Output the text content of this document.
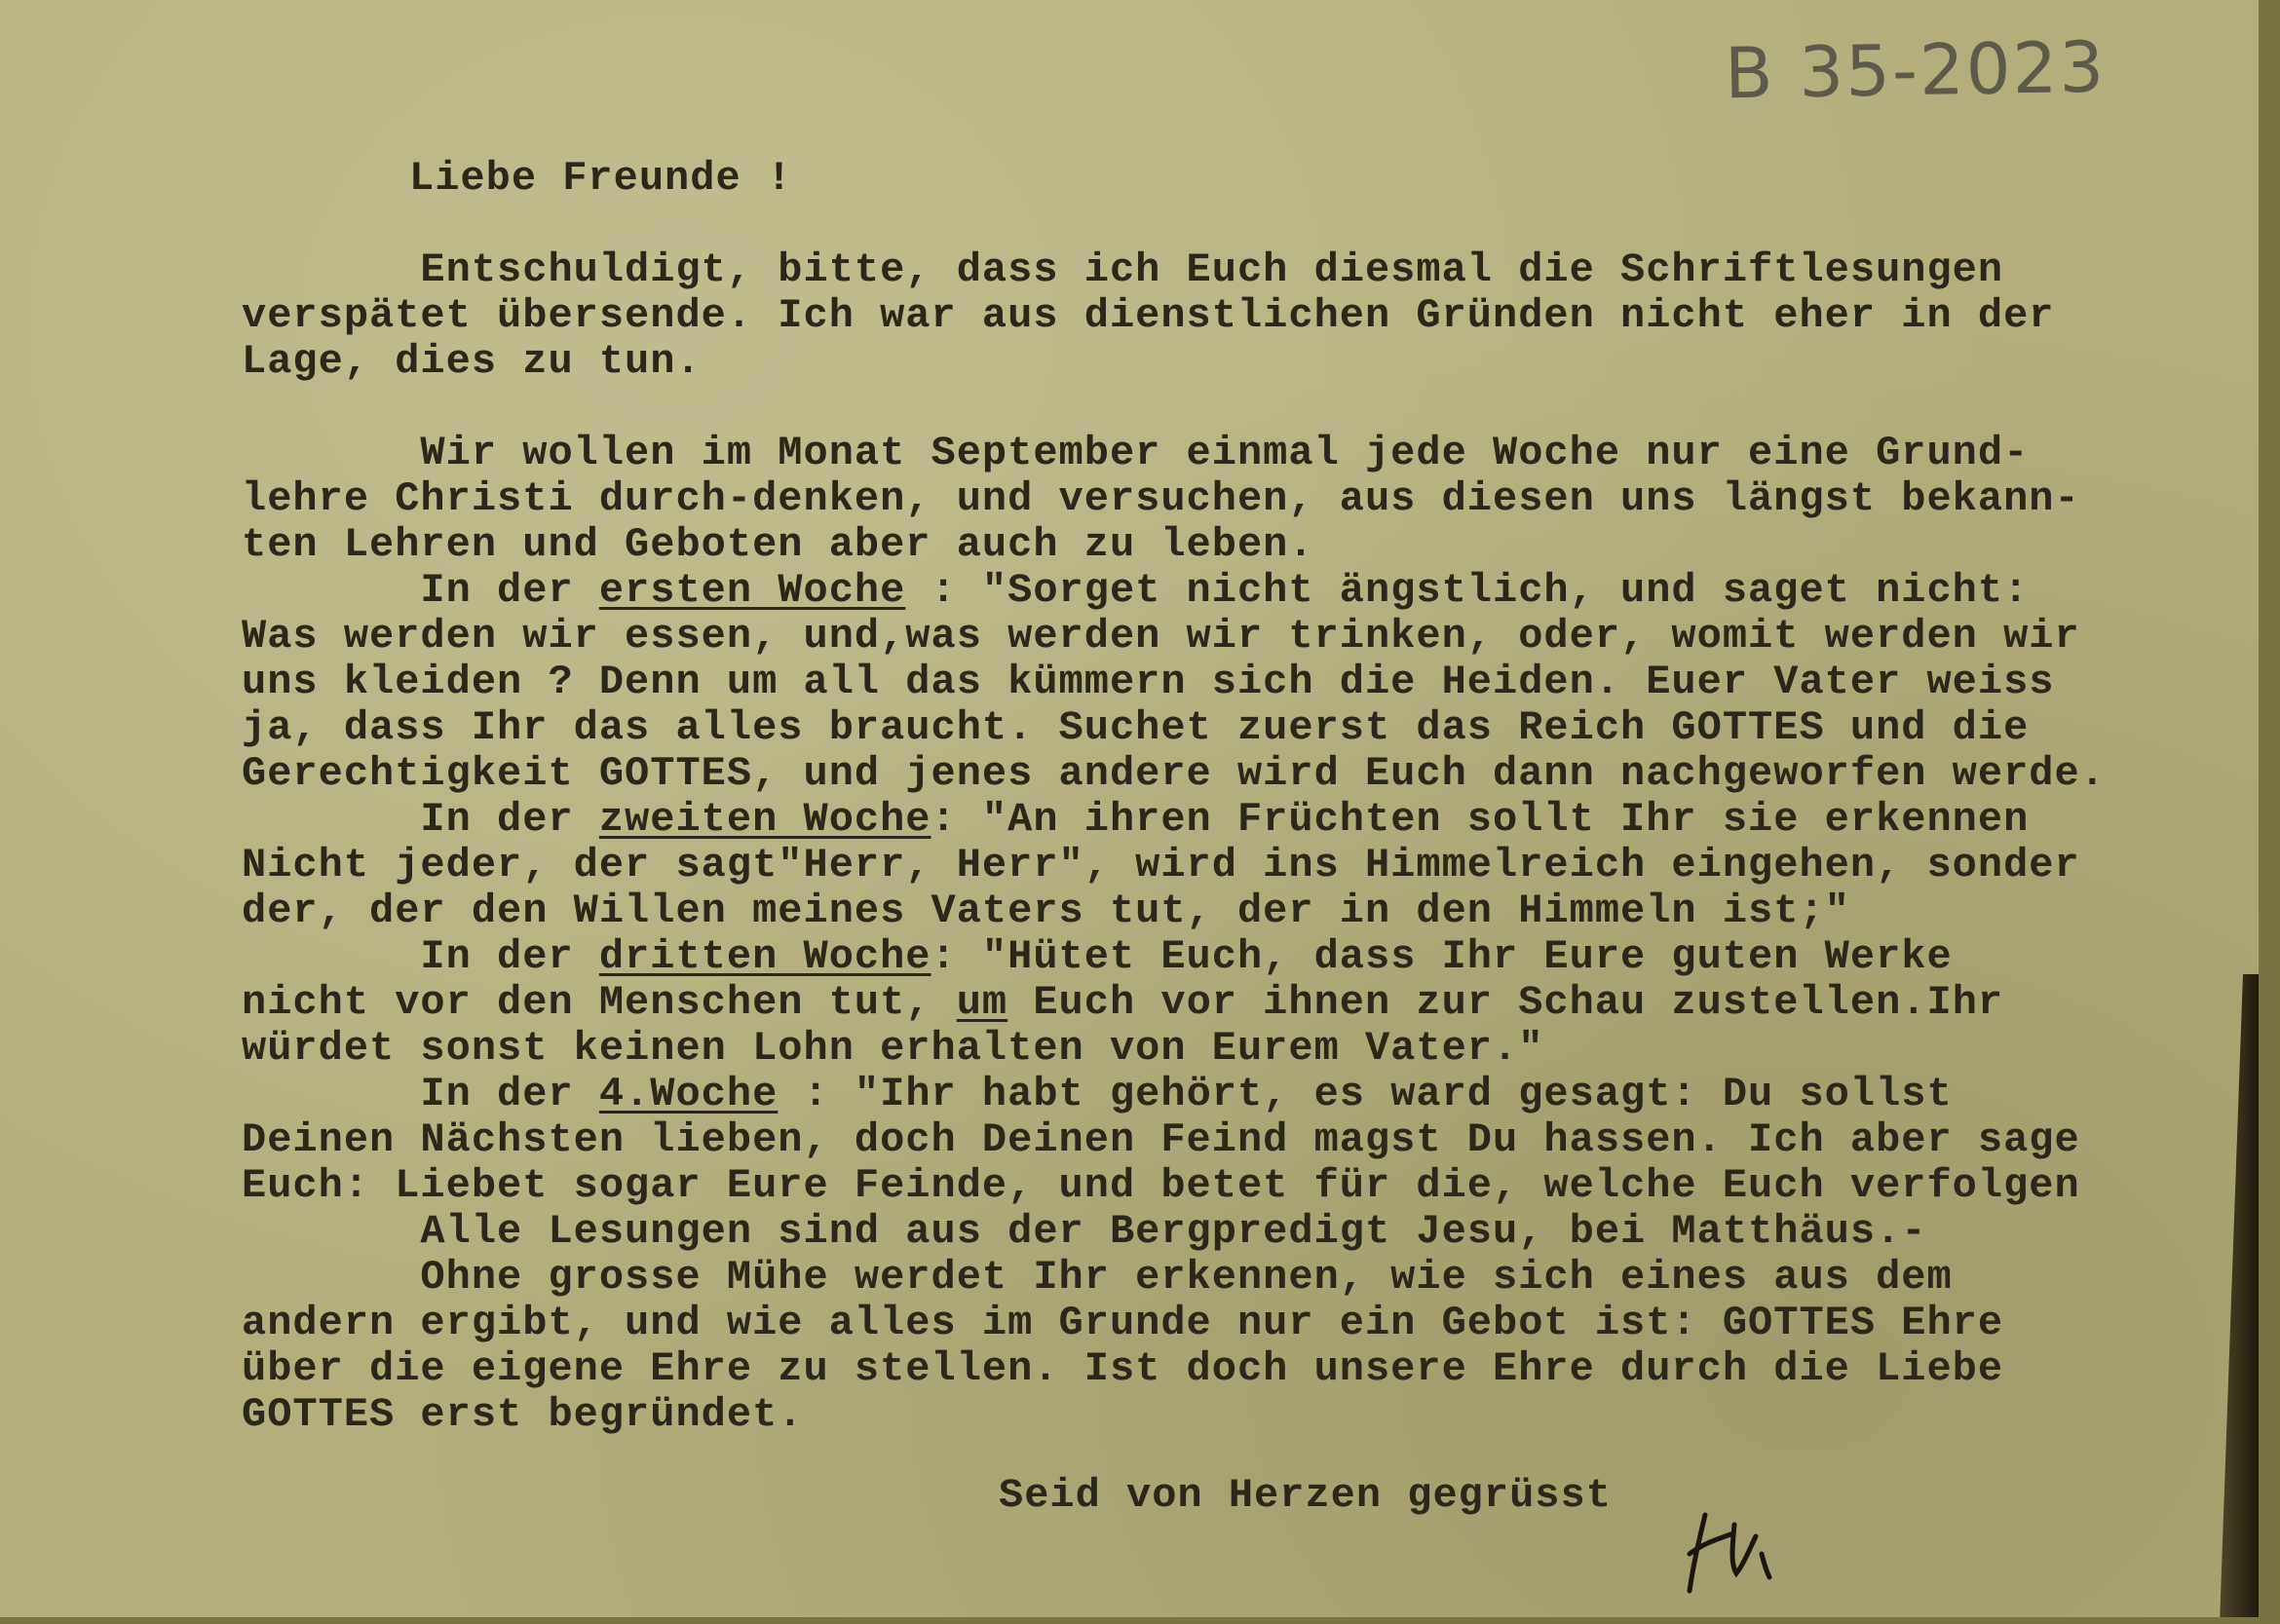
B 35-2023
Liebe Freunde !
Entschuldigt, bitte, dass ich Euch diesmal die Schriftlesungen
verspätet übersende. Ich war aus dienstlichen Gründen nicht eher in der
Lage, dies zu tun.
Wir wollen im Monat September einmal jede Woche nur eine Grund-
lehre Christi durch-denken, und versuchen, aus diesen uns längst bekann-
ten Lehren und Geboten aber auch zu leben.
In der ersten Woche : "Sorget nicht ängstlich, und saget nicht:
Was werden wir essen, und,was werden wir trinken, oder, womit werden wir
uns kleiden ? Denn um all das kümmern sich die Heiden. Euer Vater weiss
ja, dass Ihr das alles braucht. Suchet zuerst das Reich GOTTES und die
Gerechtigkeit GOTTES, und jenes andere wird Euch dann nachgeworfen werde.
In der zweiten Woche: "An ihren Früchten sollt Ihr sie erkennen
Nicht jeder, der sagt"Herr, Herr", wird ins Himmelreich eingehen, sonder
der, der den Willen meines Vaters tut, der in den Himmeln ist;"
In der dritten Woche: "Hütet Euch, dass Ihr Eure guten Werke
nicht vor den Menschen tut, um Euch vor ihnen zur Schau zustellen.Ihr
würdet sonst keinen Lohn erhalten von Eurem Vater."
In der 4.Woche : "Ihr habt gehört, es ward gesagt: Du sollst
Deinen Nächsten lieben, doch Deinen Feind magst Du hassen. Ich aber sage
Euch: Liebet sogar Eure Feinde, und betet für die, welche Euch verfolgen
Alle Lesungen sind aus der Bergpredigt Jesu, bei Matthäus.-
Ohne grosse Mühe werdet Ihr erkennen, wie sich eines aus dem
andern ergibt, und wie alles im Grunde nur ein Gebot ist: GOTTES Ehre
über die eigene Ehre zu stellen. Ist doch unsere Ehre durch die Liebe
GOTTES erst begründet.
Seid von Herzen gegrüsst
